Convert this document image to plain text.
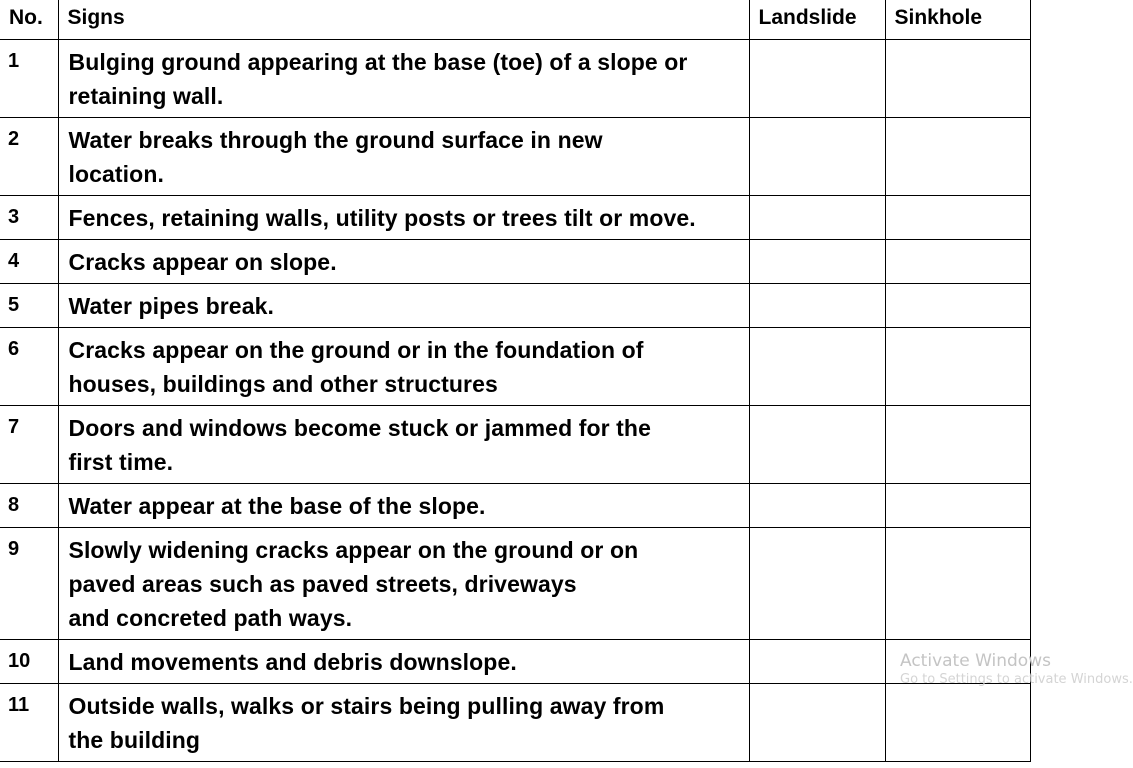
No.	Signs	Landslide	Sinkhole
1	Bulging ground appearing at the base (toe) of a slope or
retaining wall.		
2	Water breaks through the ground surface in new
location.		
3	Fences, retaining walls, utility posts or trees tilt or move.		
4	Cracks appear on slope.		
5	Water pipes break.		
6	Cracks appear on the ground or in the foundation of
houses, buildings and other structures		
7	Doors and windows become stuck or jammed for the
first time.		
8	Water appear at the base of the slope.		
9	Slowly widening cracks appear on the ground or on
paved areas such as paved streets, driveways
and concreted path ways.		
10	Land movements and debris downslope.		
11	Outside walls, walks or stairs being pulling away from
the building		
Activate Windows
Go to Settings to activate Windows.
